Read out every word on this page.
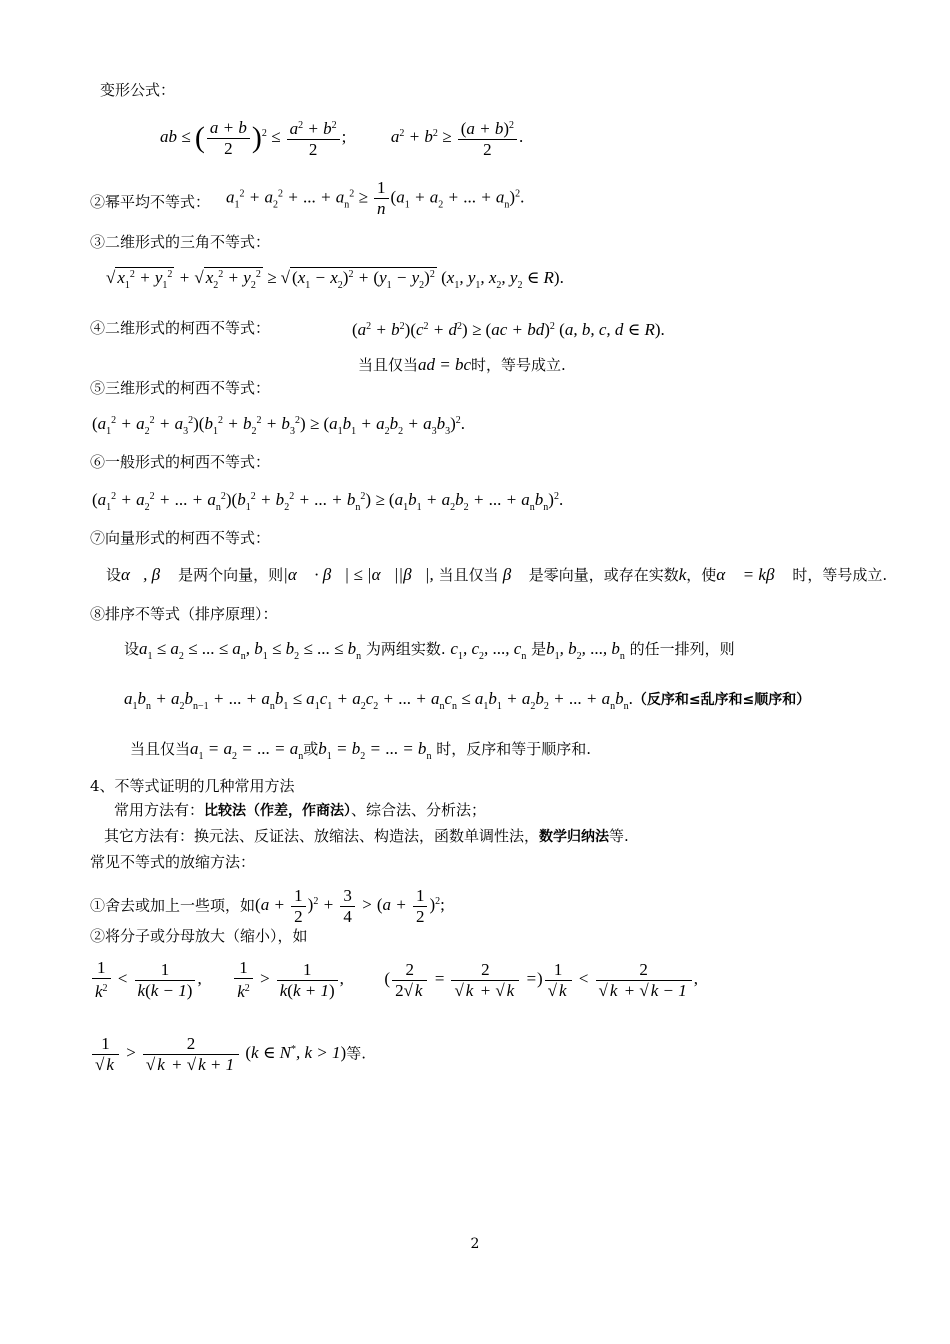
变形公式：
ab ≤ ( $\frac{a + b}{2} )^2 \le \frac{a^2 + b^2}{2}$ ;  $a^2 + b^2 \ge \frac{(a + b)^2}{2}$ .
②幂平均不等式： $a_1^2 + a_2^2$ + ... + $a_n^2 \ge \frac{1}{n} (a_1 + a_2$ + ... + $a_n)^2$.
③二维形式的三角不等式：
√ $x_1^2 + y_1^2$ + √ $x_2^2 + y_2^2$ ≥ √ $(x_1 - x_2)^2 + (y_1 - y_2)^2$ ($x_1$, $y_1$, $x_2$, $y_2$ ∈ R).
④二维形式的柯西不等式：	$(a^2 + b^2)(c^2 + d^2) \ge (ac + bd)^2$ (a, b, c, d ∈ R).
当且仅当ad = bc时，等号成立.
⑤三维形式的柯西不等式：
$(a_1^2 + a_2^2 + a_3^2)(b_1^2 + b_2^2 + b_3^2) \ge (a_1b_1 + a_2b_2 + a_3b_3)^2$.
⑥一般形式的柯西不等式：
($a_1^2 + a_2^2$ + ... + $a_n^2)(b_1^2 + b_2^2$ + ... + $b_n^2) \ge (a_1b_1 + a_2b_2$ + ... + $a_nb_n)^2$.
⑦向量形式的柯西不等式：
设α⃗, β⃗ 是两个向量，则|α⃗ · β⃗| ≤ |α⃗||β⃗|, 当且仅当 β⃗ 是零向量，或存在实数k，使α⃗ = kβ⃗ 时，等号成立.
⑧排序不等式（排序原理）：
设$a_1 \le a_2$ ≤ ... ≤ $a_n$, $b_1 \le b_2$ ≤ ... ≤ $b_n$ 为两组实数. $c_1$, $c_2$, ..., $c_n$ 是$b_1$, $b_2$, ..., $b_n$ 的任一排列，则
$a_1b_n + a_2b_{n-1}$ + ... + $a_nb_1 \le a_1c_1 + a_2c_2$ + ... + $a_nc_n \le a_1b_1 + a_2b_2$ + ... + $a_nb_n$.（反序和≤乱序和≤顺序和）
当且仅当$a_1 = a_2$ = ... = $a_n$或$b_1 = b_2$ = ... = $b_n$ 时，反序和等于顺序和.
4、不等式证明的几种常用方法
常用方法有：比较法（作差，作商法）、综合法、分析法；
其它方法有：换元法、反证法、放缩法、构造法，函数单调性法，数学归纳法等.
常见不等式的放缩方法：
①舍去或加上一些项，如$(a + \frac{1}{2} )^2 + \frac{3}{4} > (a + \frac{1}{2} )^2$;
②将分子或分母放大（缩小），如
$\frac{1}{k^2} < \frac{1}{k(k - 1)}$ , $\frac{1}{k^2} > \frac{1}{k(k + 1)}$ , ( $\frac{2}{2√ k} = \frac{2}{√ k + √ k}$ =) $\frac{1}{√ k} < \frac{2}{√ k + √ k - 1}$ ,
$\frac{1}{√ k} > \frac{2}{√ k + √ k + 1} (k$ ∈ N*, k > 1)等.
2
